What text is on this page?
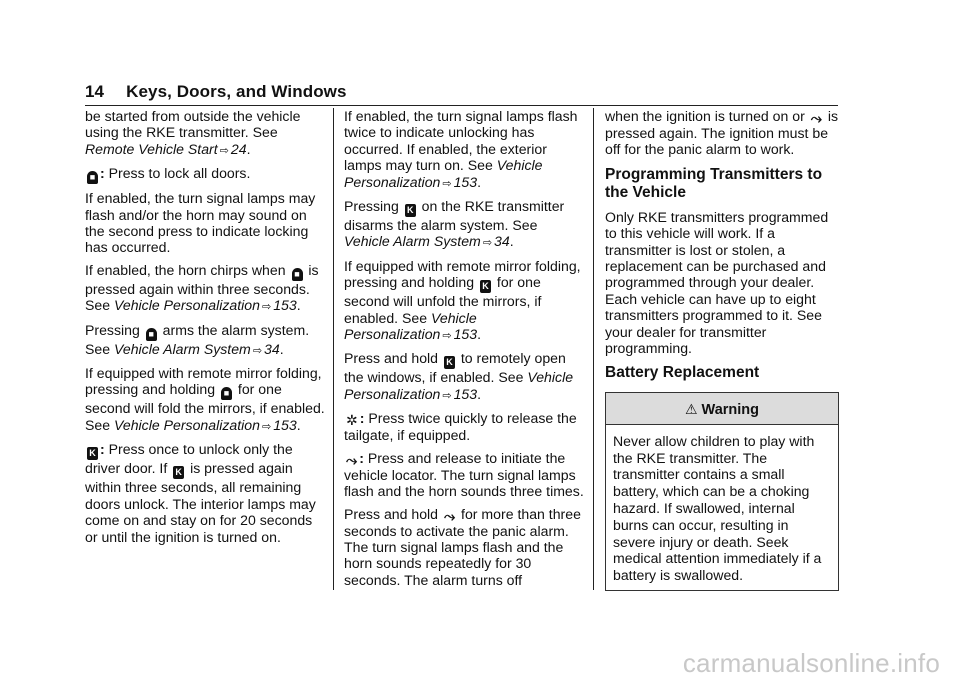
14 Keys, Doors, and Windows

be started from outside the vehicle using the RKE transmitter. See Remote Vehicle Start ⇨ 24.

■ : Press to lock all doors.

If enabled, the turn signal lamps may flash and/or the horn may sound on the second press to indicate locking has occurred.

If enabled, the horn chirps when ■ is pressed again within three seconds. See Vehicle Personalization ⇨ 153.

Pressing ■ arms the alarm system. See Vehicle Alarm System ⇨ 34.

If equipped with remote mirror folding, pressing and holding ■ for one second will fold the mirrors, if enabled. See Vehicle Personalization ⇨ 153.

K : Press once to unlock only the driver door. If K is pressed again within three seconds, all remaining doors unlock. The interior lamps may come on and stay on for 20 seconds or until the ignition is turned on.

If enabled, the turn signal lamps flash twice to indicate unlocking has occurred. If enabled, the exterior lamps may turn on. See Vehicle Personalization ⇨ 153.

Pressing K on the RKE transmitter disarms the alarm system. See Vehicle Alarm System ⇨ 34.

If equipped with remote mirror folding, pressing and holding K for one second will unfold the mirrors, if enabled. See Vehicle Personalization ⇨ 153.

Press and hold K to remotely open the windows, if enabled. See Vehicle Personalization ⇨ 153.

✲ : Press twice quickly to release the tailgate, if equipped.

⤳ : Press and release to initiate the vehicle locator. The turn signal lamps flash and the horn sounds three times.

Press and hold ⤳ for more than three seconds to activate the panic alarm. The turn signal lamps flash and the horn sounds repeatedly for 30 seconds. The alarm turns off

when the ignition is turned on or ⤳ is pressed again. The ignition must be off for the panic alarm to work.

Programming Transmitters to the Vehicle

Only RKE transmitters programmed to this vehicle will work. If a transmitter is lost or stolen, a replacement can be purchased and programmed through your dealer. Each vehicle can have up to eight transmitters programmed to it. See your dealer for transmitter programming.

Battery Replacement
⚠ Warning
Never allow children to play with the RKE transmitter. The transmitter contains a small battery, which can be a choking hazard. If swallowed, internal burns can occur, resulting in severe injury or death. Seek medical attention immediately if a battery is swallowed.
carmanualsonline.info
